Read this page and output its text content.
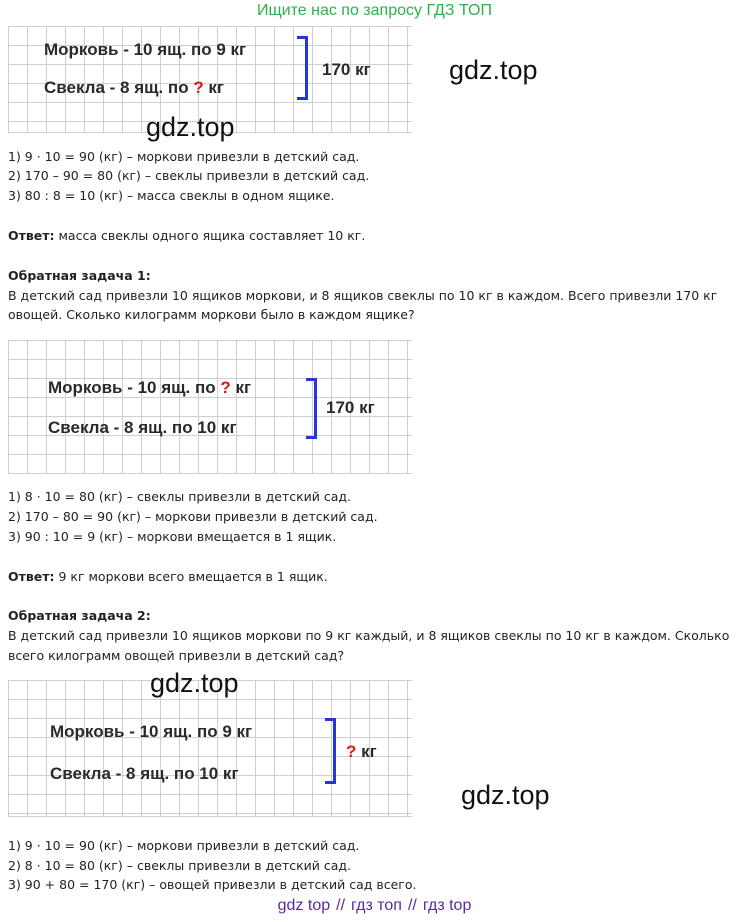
Ищите нас по запросу ГДЗ ТОП
Морковь - 10 ящ. по 9 кг
Свекла - 8 ящ. по ? кг
170 кг	gdz.top
gdz.top
1) 9 · 10 = 90 (кг) – моркови привезли в детский сад.
2) 170 – 90 = 80 (кг) – свеклы привезли в детский сад.
3) 80 : 8 = 10 (кг) – масса свеклы в одном ящике.
Ответ: масса свеклы одного ящика составляет 10 кг.
Обратная задача 1:
В детский сад привезли 10 ящиков моркови, и 8 ящиков свеклы по 10 кг в каждом. Всего привезли 170 кг
овощей. Сколько килограмм моркови было в каждом ящике?
Морковь - 10 ящ. по ? кг
Свекла - 8 ящ. по 10 кг
170 кг
1) 8 · 10 = 80 (кг) – свеклы привезли в детский сад.
2) 170 – 80 = 90 (кг) – моркови привезли в детский сад.
3) 90 : 10 = 9 (кг) – моркови вмещается в 1 ящик.
Ответ: 9 кг моркови всего вмещается в 1 ящик.
Обратная задача 2:
В детский сад привезли 10 ящиков моркови по 9 кг каждый, и 8 ящиков свеклы по 10 кг в каждом. Сколько
всего килограмм овощей привезли в детский сад?
Морковь - 10 ящ. по 9 кг
Свекла - 8 ящ. по 10 кг
? кг
gdz.top
gdz.top
1) 9 · 10 = 90 (кг) – моркови привезли в детский сад.
2) 8 · 10 = 80 (кг) – свеклы привезли в детский сад.
3) 90 + 80 = 170 (кг) – овощей привезли в детский сад всего.
gdz top // гдз топ // гдз top
